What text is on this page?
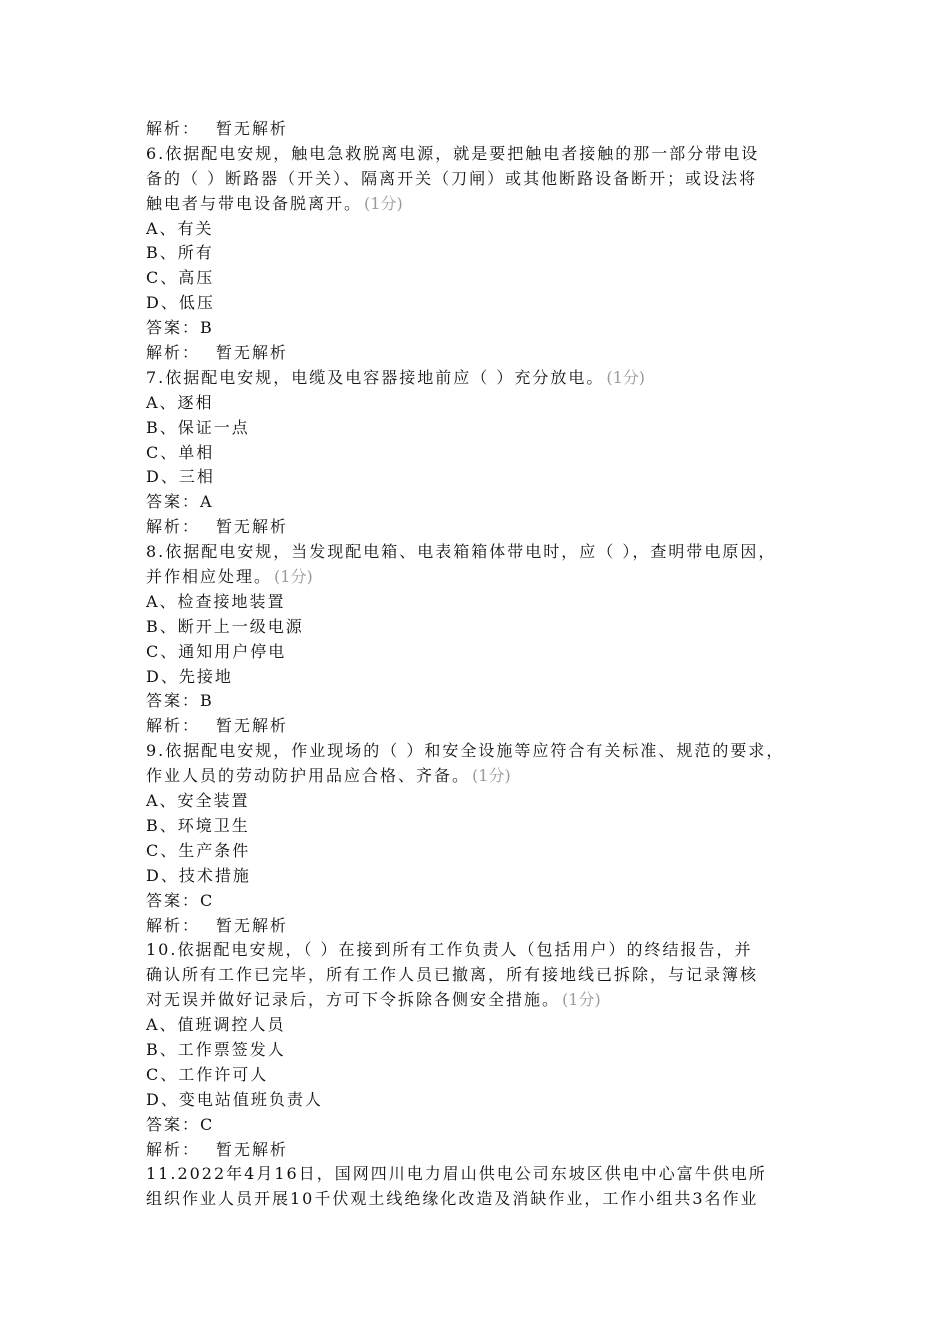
解析： 暂无解析
6.依据配电安规，触电急救脱离电源，就是要把触电者接触的那一部分带电设
备的（ ）断路器（开关）、隔离开关（刀闸）或其他断路设备断开；或设法将
触电者与带电设备脱离开。 (1分)
A、有关
B、所有
C、高压
D、低压
答案：B
解析： 暂无解析
7.依据配电安规，电缆及电容器接地前应（ ）充分放电。 (1分)
A、逐相
B、保证一点
C、单相
D、三相
答案：A
解析： 暂无解析
8.依据配电安规，当发现配电箱、电表箱箱体带电时，应（ ），查明带电原因，
并作相应处理。 (1分)
A、检查接地装置
B、断开上一级电源
C、通知用户停电
D、先接地
答案：B
解析： 暂无解析
9.依据配电安规，作业现场的（ ）和安全设施等应符合有关标准、规范的要求，
作业人员的劳动防护用品应合格、齐备。 (1分)
A、安全装置
B、环境卫生
C、生产条件
D、技术措施
答案：C
解析： 暂无解析
10.依据配电安规，（ ）在接到所有工作负责人（包括用户）的终结报告，并
确认所有工作已完毕，所有工作人员已撤离，所有接地线已拆除，与记录簿核
对无误并做好记录后，方可下令拆除各侧安全措施。 (1分)
A、值班调控人员
B、工作票签发人
C、工作许可人
D、变电站值班负责人
答案：C
解析： 暂无解析
11.2022年4月16日，国网四川电力眉山供电公司东坡区供电中心富牛供电所
组织作业人员开展10千伏观土线绝缘化改造及消缺作业，工作小组共3名作业
